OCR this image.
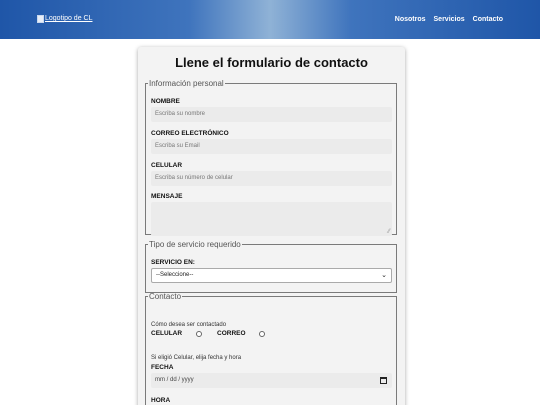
Logotipo de CL	Nosotros Servicios Contacto
Llene el formulario de contacto
Información personal
NOMBRE
Escriba su nombre
CORREO ELECTRÓNICO
Escriba su Email
CELULAR
Escriba su número de celular
MENSAJE
⁄⁄
Tipo de servicio requerido
SERVICIO EN:
--Seleccione--	⌄
Contacto
Cómo desea ser contactado
CELULAR	CORREO
Si eligió Celular, elija fecha y hora
FECHA
mm / dd / yyyy
HORA
